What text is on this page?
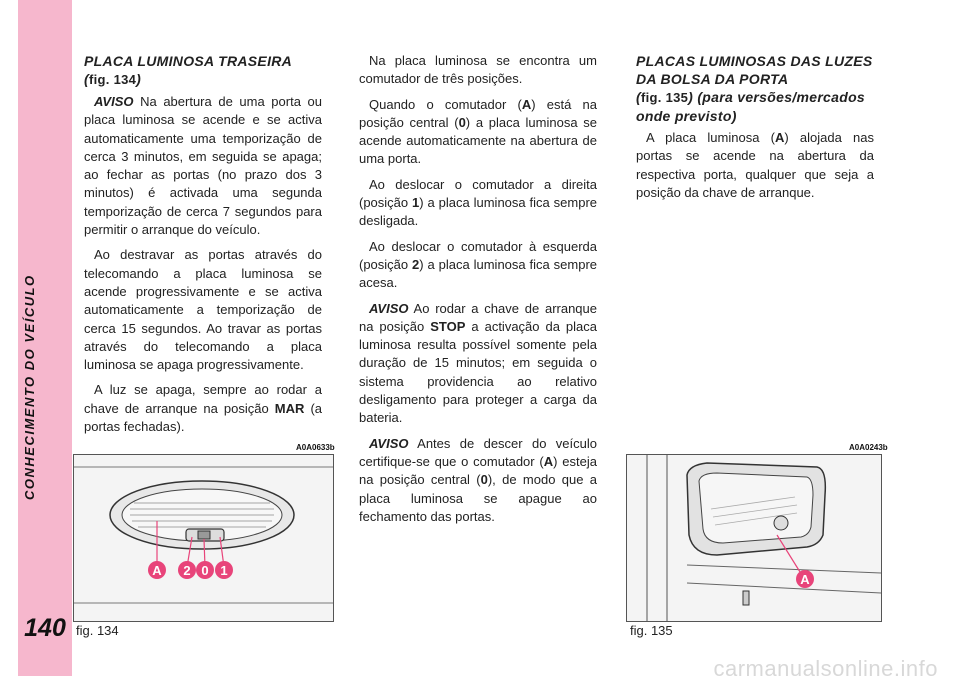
140
PLACA LUMINOSA TRASEIRA
(fig. 134)

AVISO Na abertura de uma porta ou placa luminosa se acende e se activa automaticamente uma temporização de cerca 3 minutos, em seguida se apaga; ao fechar as portas (no prazo dos 3 minutos) é activada uma segunda temporização de cerca 7 segundos para permitir o arranque do veículo.

Ao destravar as portas através do telecomando a placa luminosa se acende progressivamente e se activa automaticamente a temporização de cerca 15 segundos. Ao travar as portas através do telecomando a placa luminosa se apaga progressivamente.

A luz se apaga, sempre ao rodar a chave de arranque na posição MAR (a portas fechadas).

Na placa luminosa se encontra um comutador de três posições.

Quando o comutador (A) está na posição central (0) a placa luminosa se acende automaticamente na abertura de uma porta.

Ao deslocar o comutador a direita (posição 1) a placa luminosa fica sempre desligada.

Ao deslocar o comutador à esquerda (posição 2) a placa luminosa fica sempre acesa.

AVISO Ao rodar a chave de arranque na posição STOP a activação da placa luminosa resulta possível somente pela duração de 15 minutos; em seguida o sistema providencia ao relativo desligamento para proteger a carga da bateria.

AVISO Antes de descer do veículo certifique-se que o comutador (A) esteja na posição central (0), de modo que a placa luminosa se apague ao fechamento das portas.

PLACAS LUMINOSAS DAS LUZES DA BOLSA DA PORTA
(fig. 135) (para versões/mercados onde previsto)

A placa luminosa (A) alojada nas portas se acende na abertura da respectiva porta, qualquer que seja a posição da chave de arranque.

A0A0633b
A 2 0 1
fig. 134
A0A0243b
A
fig. 135
carmanualsonline.info
